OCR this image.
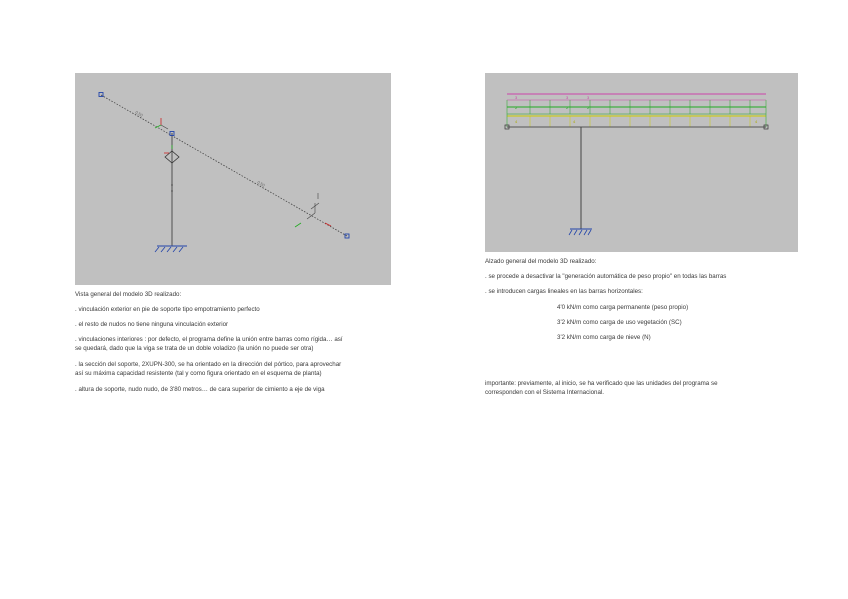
0.50
0.50
Vista general del modelo 3D realizado:
. vinculación exterior en pie de soporte tipo empotramiento perfecto
. el resto de nudos no tiene ninguna vinculación exterior
. vinculaciones interiores : por defecto, el programa define la unión entre barras como rígida… así
se quedará, dado que la viga se trata de un doble voladizo (la unión no puede ser otra)
. la sección del soporte, 2XUPN-300, se ha orientado en la dirección del pórtico, para aprovechar
así su máxima capacidad resistente (tal y como figura orientado en el esquema de planta)
. altura de soporte, nudo nudo, de 3'80 metros… de cara superior de cimiento a eje de viga
3	3	3
2	2	2
4	4	4
Alzado general del modelo 3D realizado:
. se procede a desactivar la "generación automática de peso propio" en todas las barras
. se introducen cargas lineales en las barras horizontales:
4'0 kN/m como carga permanente (peso propio)
3'2 kN/m como carga de uso vegetación (SC)
3'2 kN/m como carga de nieve (N)
importante: previamente, al inicio, se ha verificado que las unidades del programa se
corresponden con el Sistema Internacional.
